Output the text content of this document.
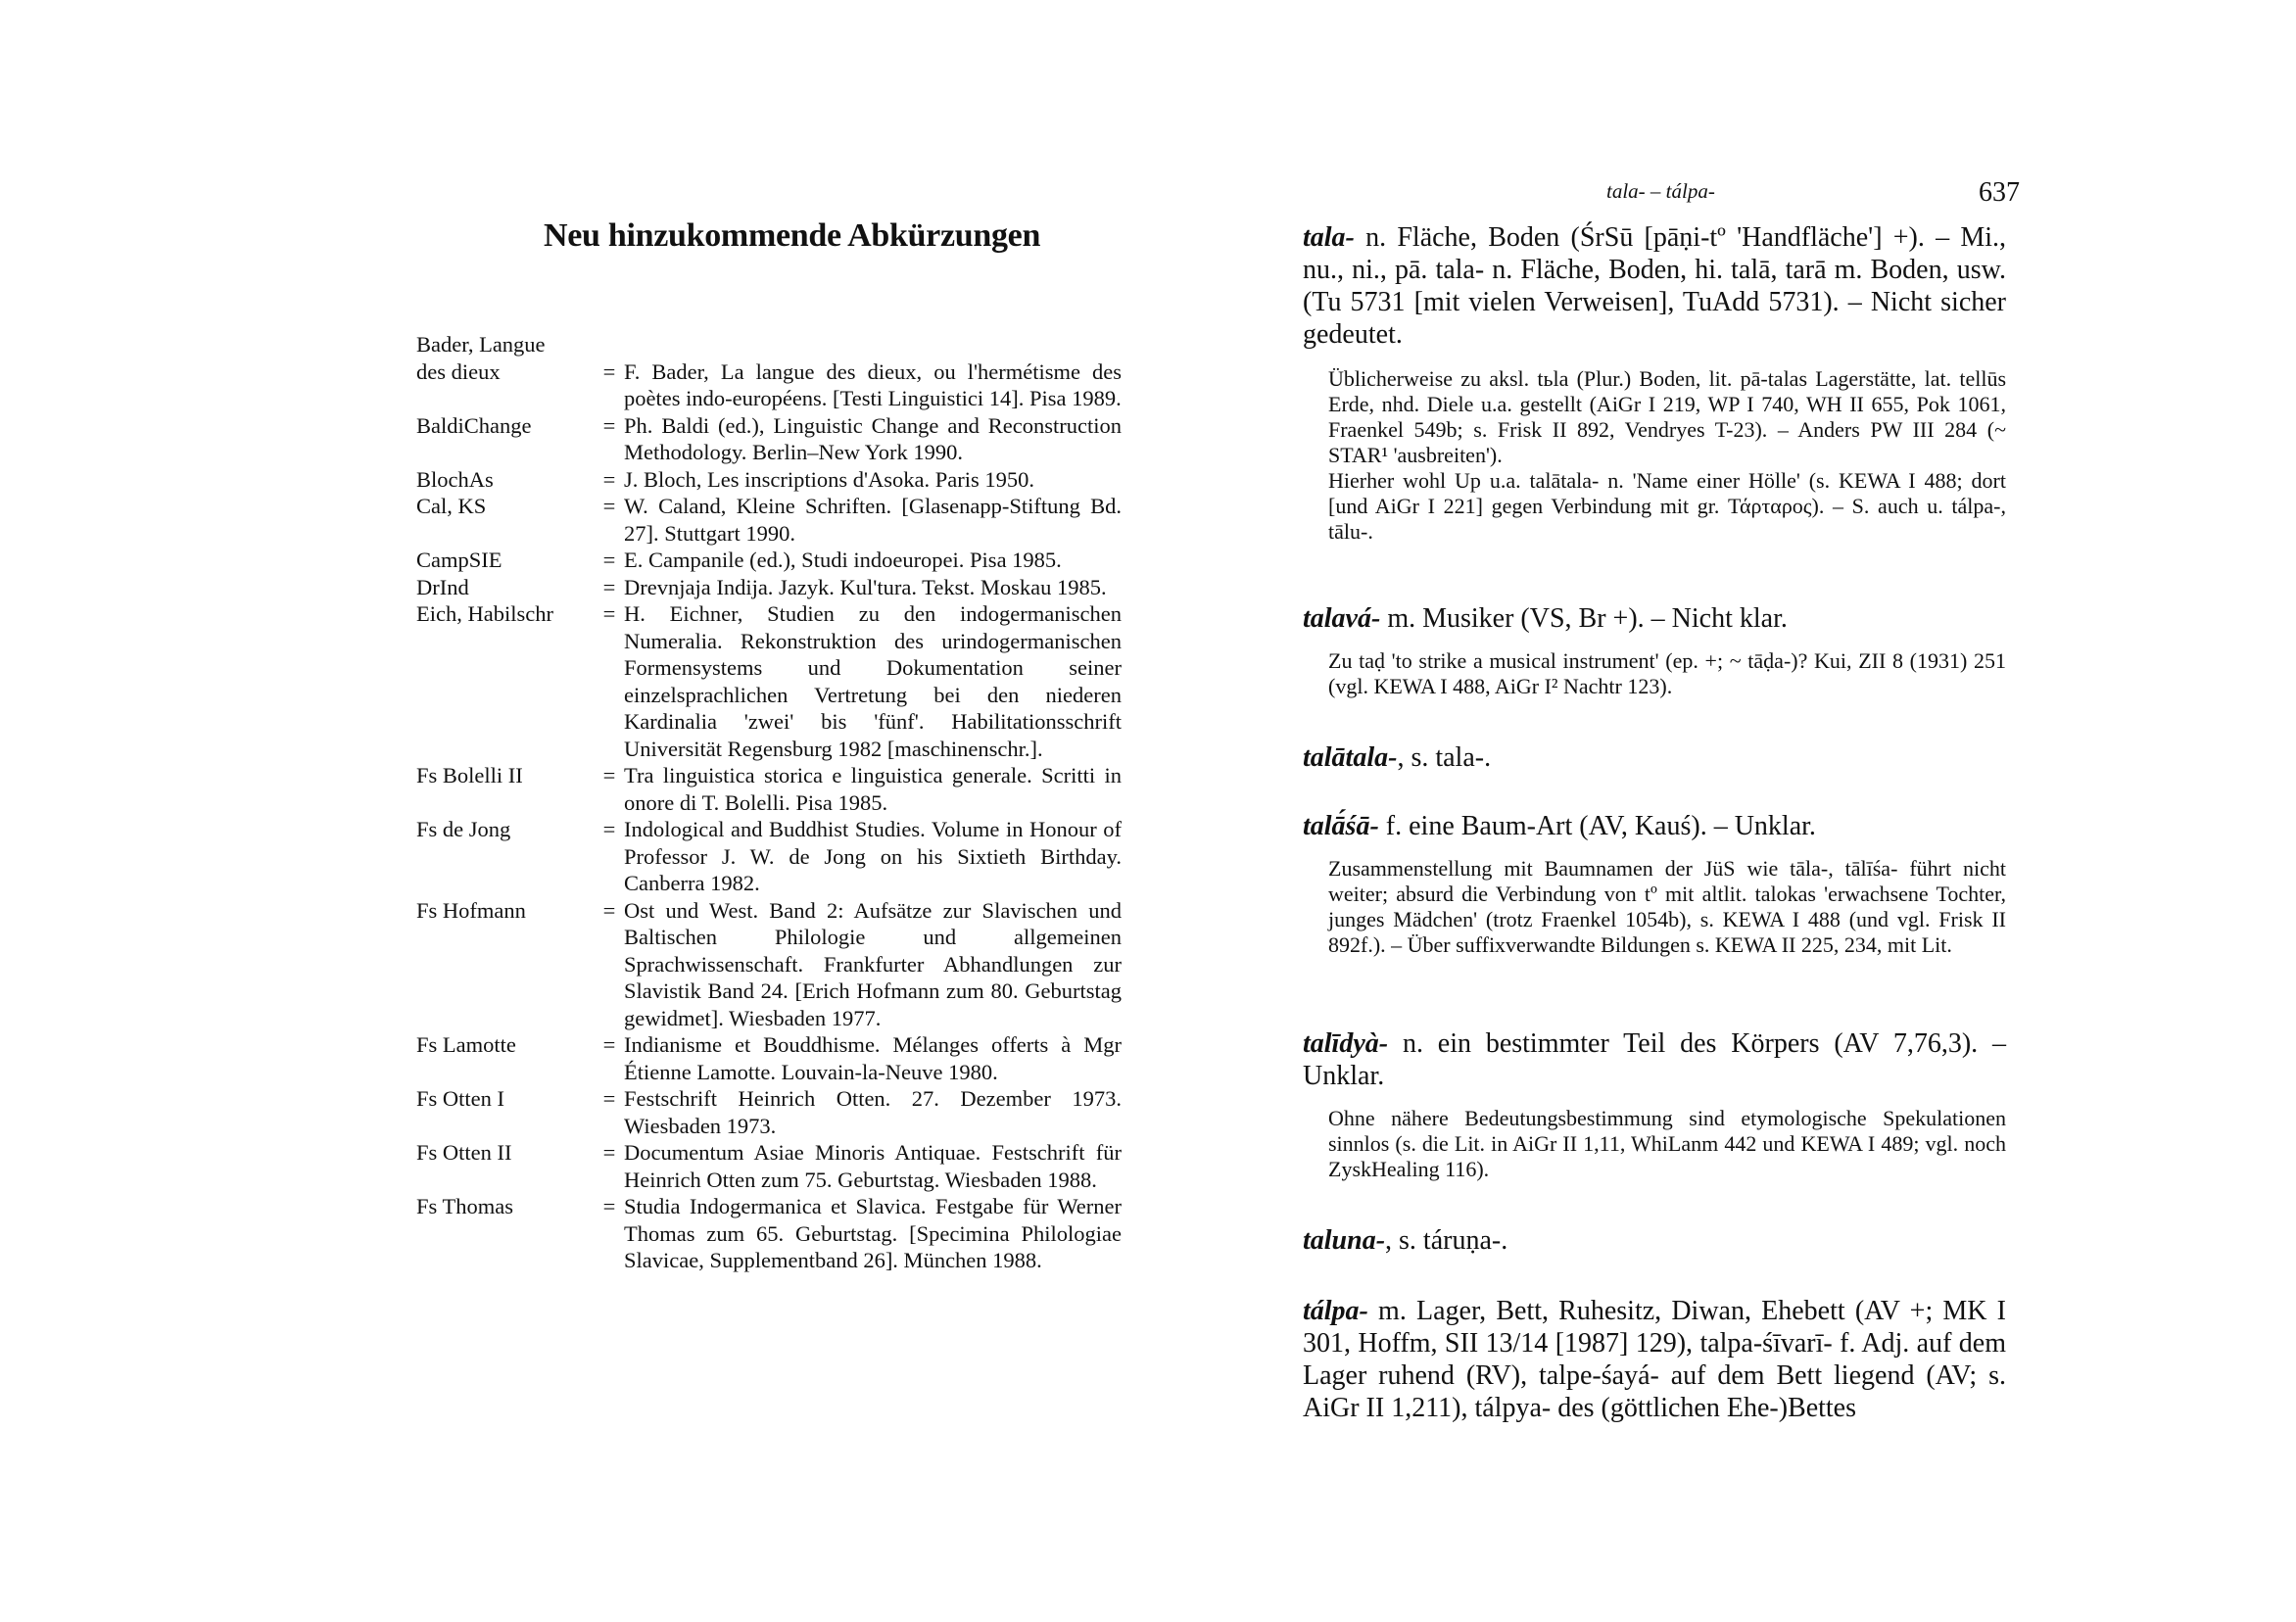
Neu hinzukommende Abkürzungen
Bader, Langue
des dieux	= F. Bader, La langue des dieux, ou l'hermétisme des poètes indo-européens. [Testi Linguistici 14]. Pisa 1989.
BaldiChange	= Ph. Baldi (ed.), Linguistic Change and Reconstruction Methodology. Berlin–New York 1990.
BlochAs	= J. Bloch, Les inscriptions d'Asoka. Paris 1950.
Cal, KS	= W. Caland, Kleine Schriften. [Glasenapp-Stiftung Bd. 27]. Stuttgart 1990.
CampSIE	= E. Campanile (ed.), Studi indoeuropei. Pisa 1985.
DrInd	= Drevnjaja Indija. Jazyk. Kul'tura. Tekst. Moskau 1985.
Eich, Habilschr	= H. Eichner, Studien zu den indogermanischen Numeralia. Rekonstruktion des urindogermanischen Formensystems und Dokumentation seiner einzelsprachlichen Vertretung bei den niederen Kardinalia 'zwei' bis 'fünf'. Habilitationsschrift Universität Regensburg 1982 [maschinenschr.].
Fs Bolelli II	= Tra linguistica storica e linguistica generale. Scritti in onore di T. Bolelli. Pisa 1985.
Fs de Jong	= Indological and Buddhist Studies. Volume in Honour of Professor J. W. de Jong on his Sixtieth Birthday. Canberra 1982.
Fs Hofmann	= Ost und West. Band 2: Aufsätze zur Slavischen und Baltischen Philologie und allgemeinen Sprachwissenschaft. Frankfurter Abhandlungen zur Slavistik Band 24. [Erich Hofmann zum 80. Geburtstag gewidmet]. Wiesbaden 1977.
Fs Lamotte	= Indianisme et Bouddhisme. Mélanges offerts à Mgr Étienne Lamotte. Louvain-la-Neuve 1980.
Fs Otten I	= Festschrift Heinrich Otten. 27. Dezember 1973. Wiesbaden 1973.
Fs Otten II	= Documentum Asiae Minoris Antiquae. Festschrift für Heinrich Otten zum 75. Geburtstag. Wiesbaden 1988.
Fs Thomas	= Studia Indogermanica et Slavica. Festgabe für Werner Thomas zum 65. Geburtstag. [Specimina Philologiae Slavicae, Supplementband 26]. München 1988.
tala- – tálpa-	637

tala- n. Fläche, Boden (ŚrSū [pāṇi-tº 'Handfläche'] +). – Mi., nu., ni., pā. tala- n. Fläche, Boden, hi. talā, tarā m. Boden, usw. (Tu 5731 [mit vielen Verweisen], TuAdd 5731). – Nicht sicher gedeutet.

Üblicherweise zu aksl. tьla (Plur.) Boden, lit. pā-talas Lagerstätte, lat. tellūs Erde, nhd. Diele u.a. gestellt (AiGr I 219, WP I 740, WH II 655, Pok 1061, Fraenkel 549b; s. Frisk II 892, Vendryes T-23). – Anders PW III 284 (~ STAR¹ 'ausbreiten').

Hierher wohl Up u.a. talātala- n. 'Name einer Hölle' (s. KEWA I 488; dort [und AiGr I 221] gegen Verbindung mit gr. Τάρταρος). – S. auch u. tálpa-, tālu-.

talavá- m. Musiker (VS, Br +). – Nicht klar.

Zu taḍ 'to strike a musical instrument' (ep. +; ~ tāḍa-)? Kui, ZII 8 (1931) 251 (vgl. KEWA I 488, AiGr I² Nachtr 123).

talātala-, s. tala-.

talā́śā- f. eine Baum-Art (AV, Kauś). – Unklar.

Zusammenstellung mit Baumnamen der JüS wie tāla-, tālīśa- führt nicht weiter; absurd die Verbindung von tº mit altlit. talokas 'erwachsene Tochter, junges Mädchen' (trotz Fraenkel 1054b), s. KEWA I 488 (und vgl. Frisk II 892f.). – Über suffixverwandte Bildungen s. KEWA II 225, 234, mit Lit.

talīdyà- n. ein bestimmter Teil des Körpers (AV 7,76,3). – Unklar.

Ohne nähere Bedeutungsbestimmung sind etymologische Spekulationen sinnlos (s. die Lit. in AiGr II 1,11, WhiLanm 442 und KEWA I 489; vgl. noch ZyskHealing 116).

taluna-, s. táruṇa-.

tálpa- m. Lager, Bett, Ruhesitz, Diwan, Ehebett (AV +; MK I 301, Hoffm, SII 13/14 [1987] 129), talpa-śīvarī- f. Adj. auf dem Lager ruhend (RV), talpe-śayá- auf dem Bett liegend (AV; s. AiGr II 1,211), tálpya- des (göttlichen Ehe-)Bettes
